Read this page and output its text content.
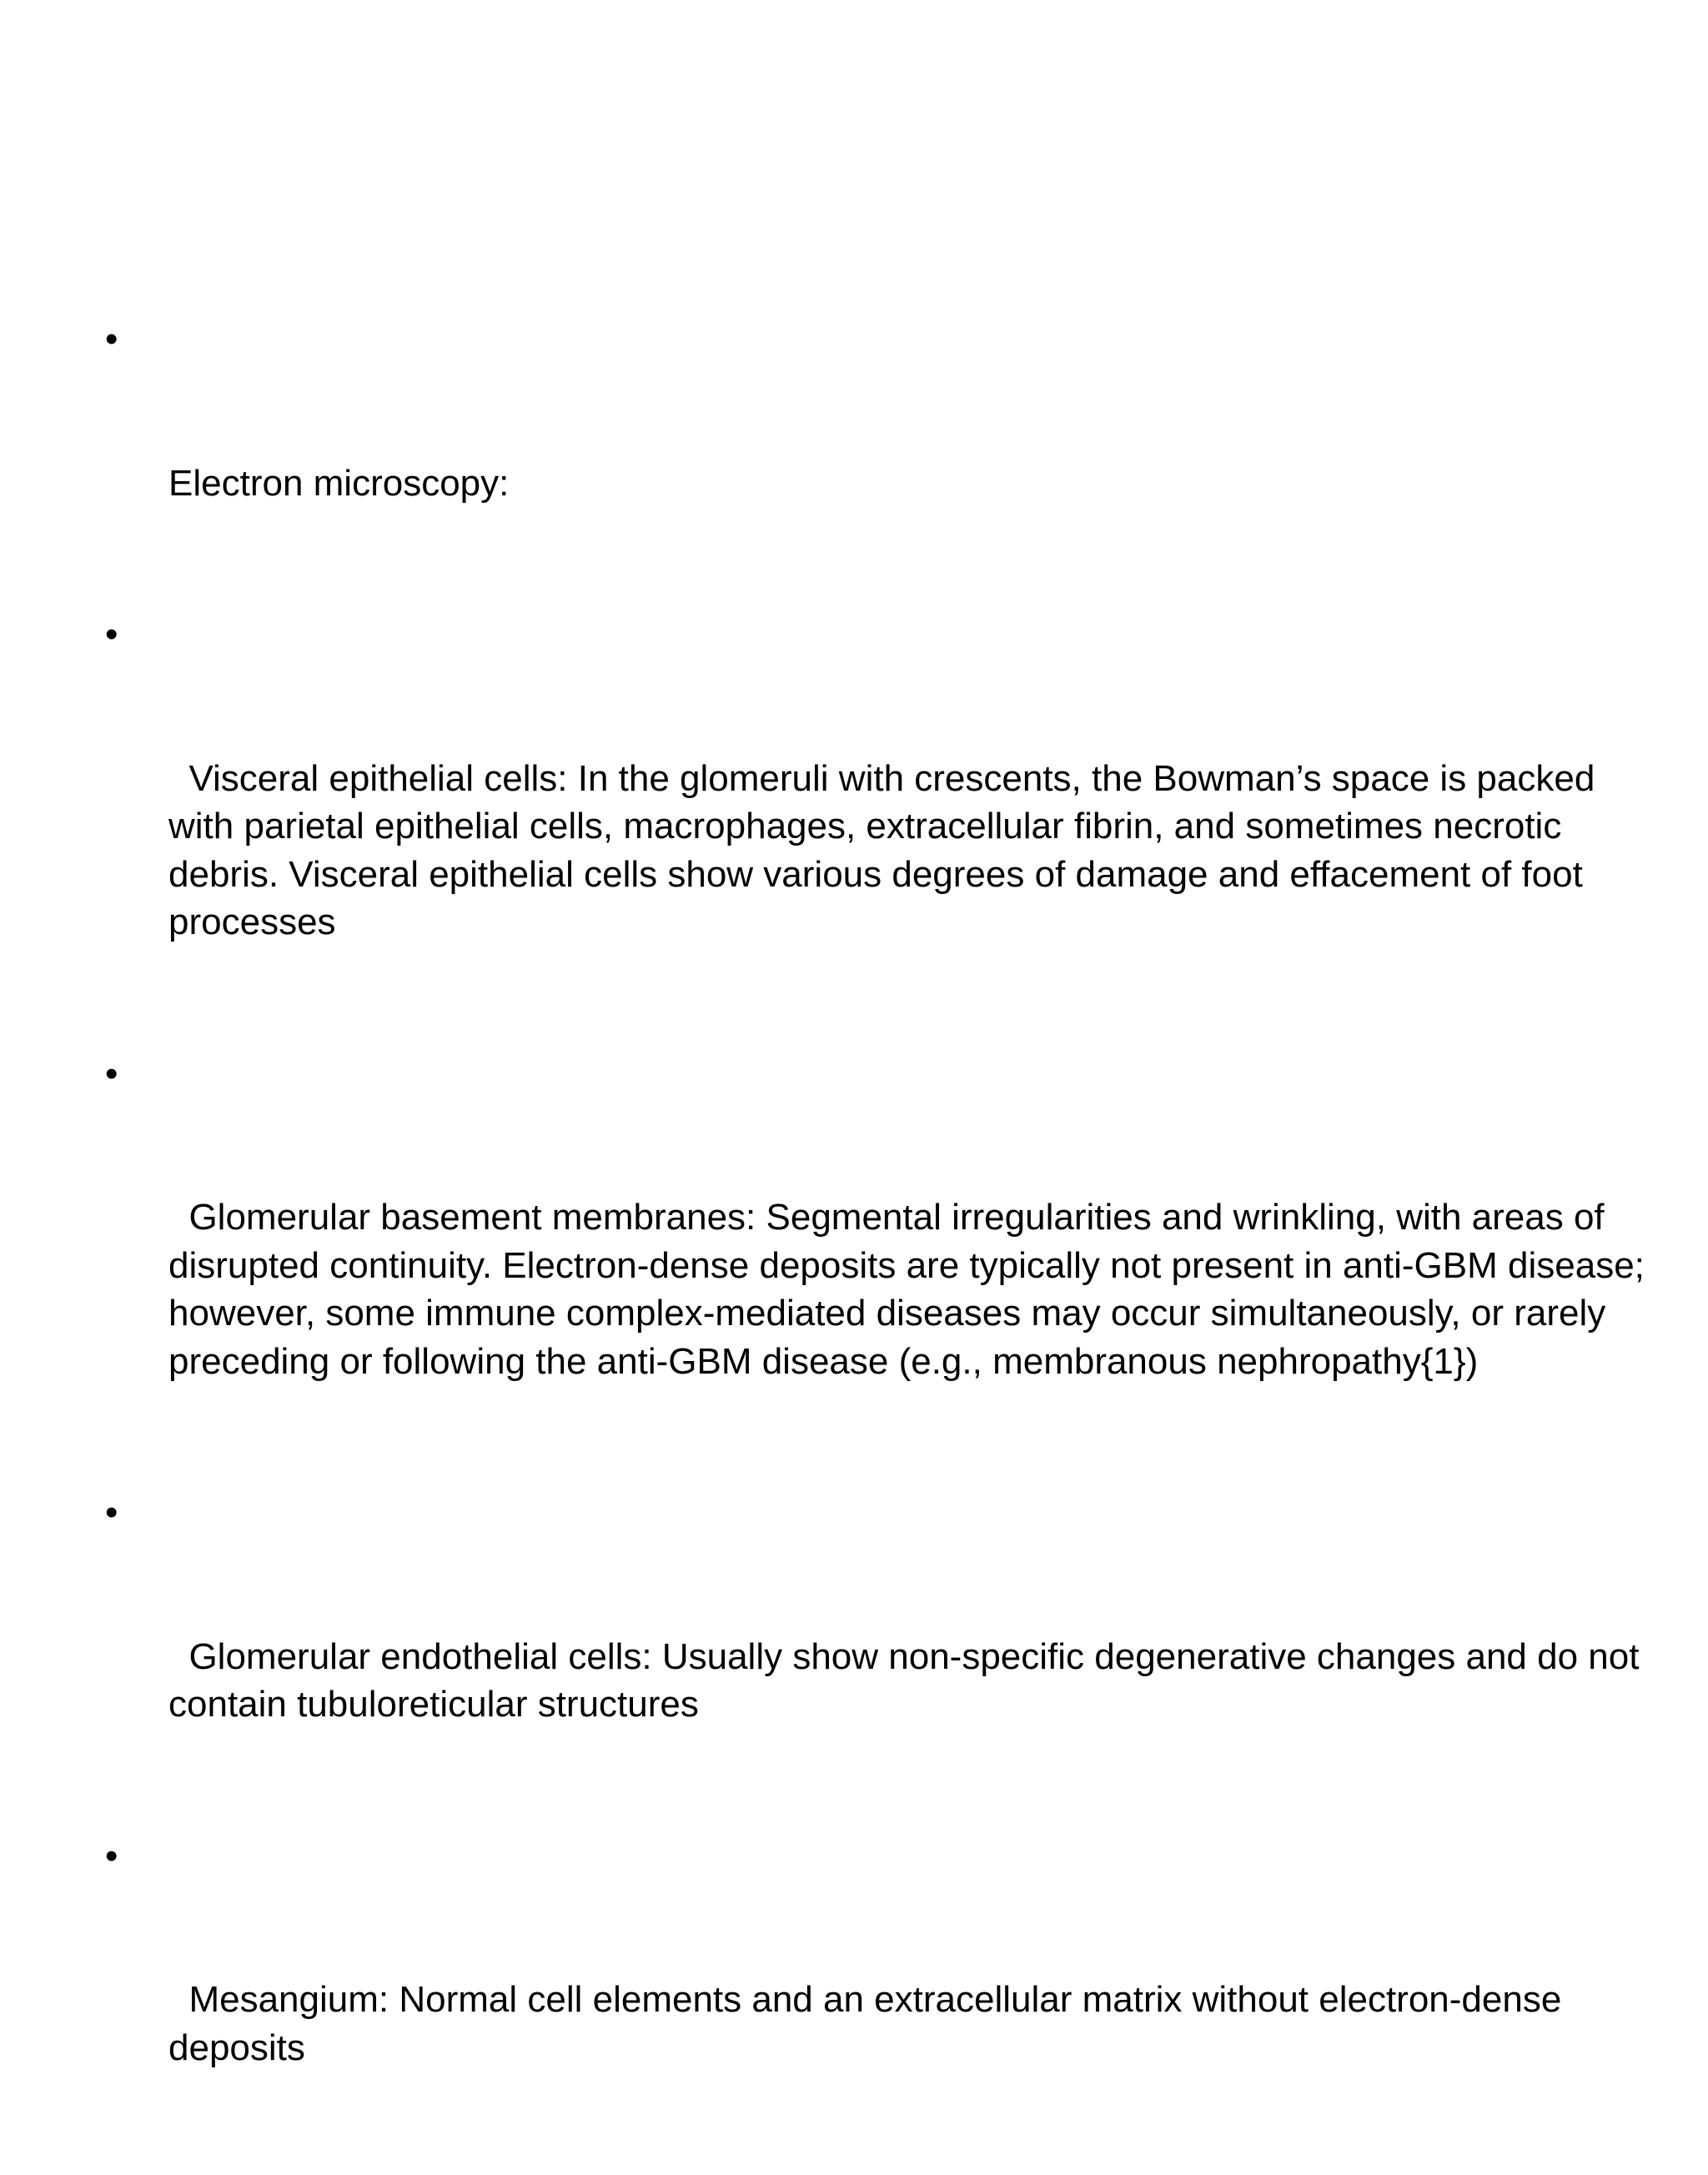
•

Electron microscopy:

•

Visceral epithelial cells: In the glomeruli with crescents, the Bowman’s space is packed with parietal epithelial cells, macrophages, extracellular fibrin, and sometimes necrotic debris. Visceral epithelial cells show various degrees of damage and effacement of foot processes

•

Glomerular basement membranes: Segmental irregularities and wrinkling, with areas of disrupted continuity. Electron-dense deposits are typically not present in anti-GBM disease; however, some immune complex-mediated diseases may occur simultaneously, or rarely preceding or following the anti-GBM disease (e.g., membranous nephropathy{1})

•

Glomerular endothelial cells: Usually show non-specific degenerative changes and do not contain tubuloreticular structures

•

Mesangium: Normal cell elements and an extracellular matrix without electron-dense deposits
